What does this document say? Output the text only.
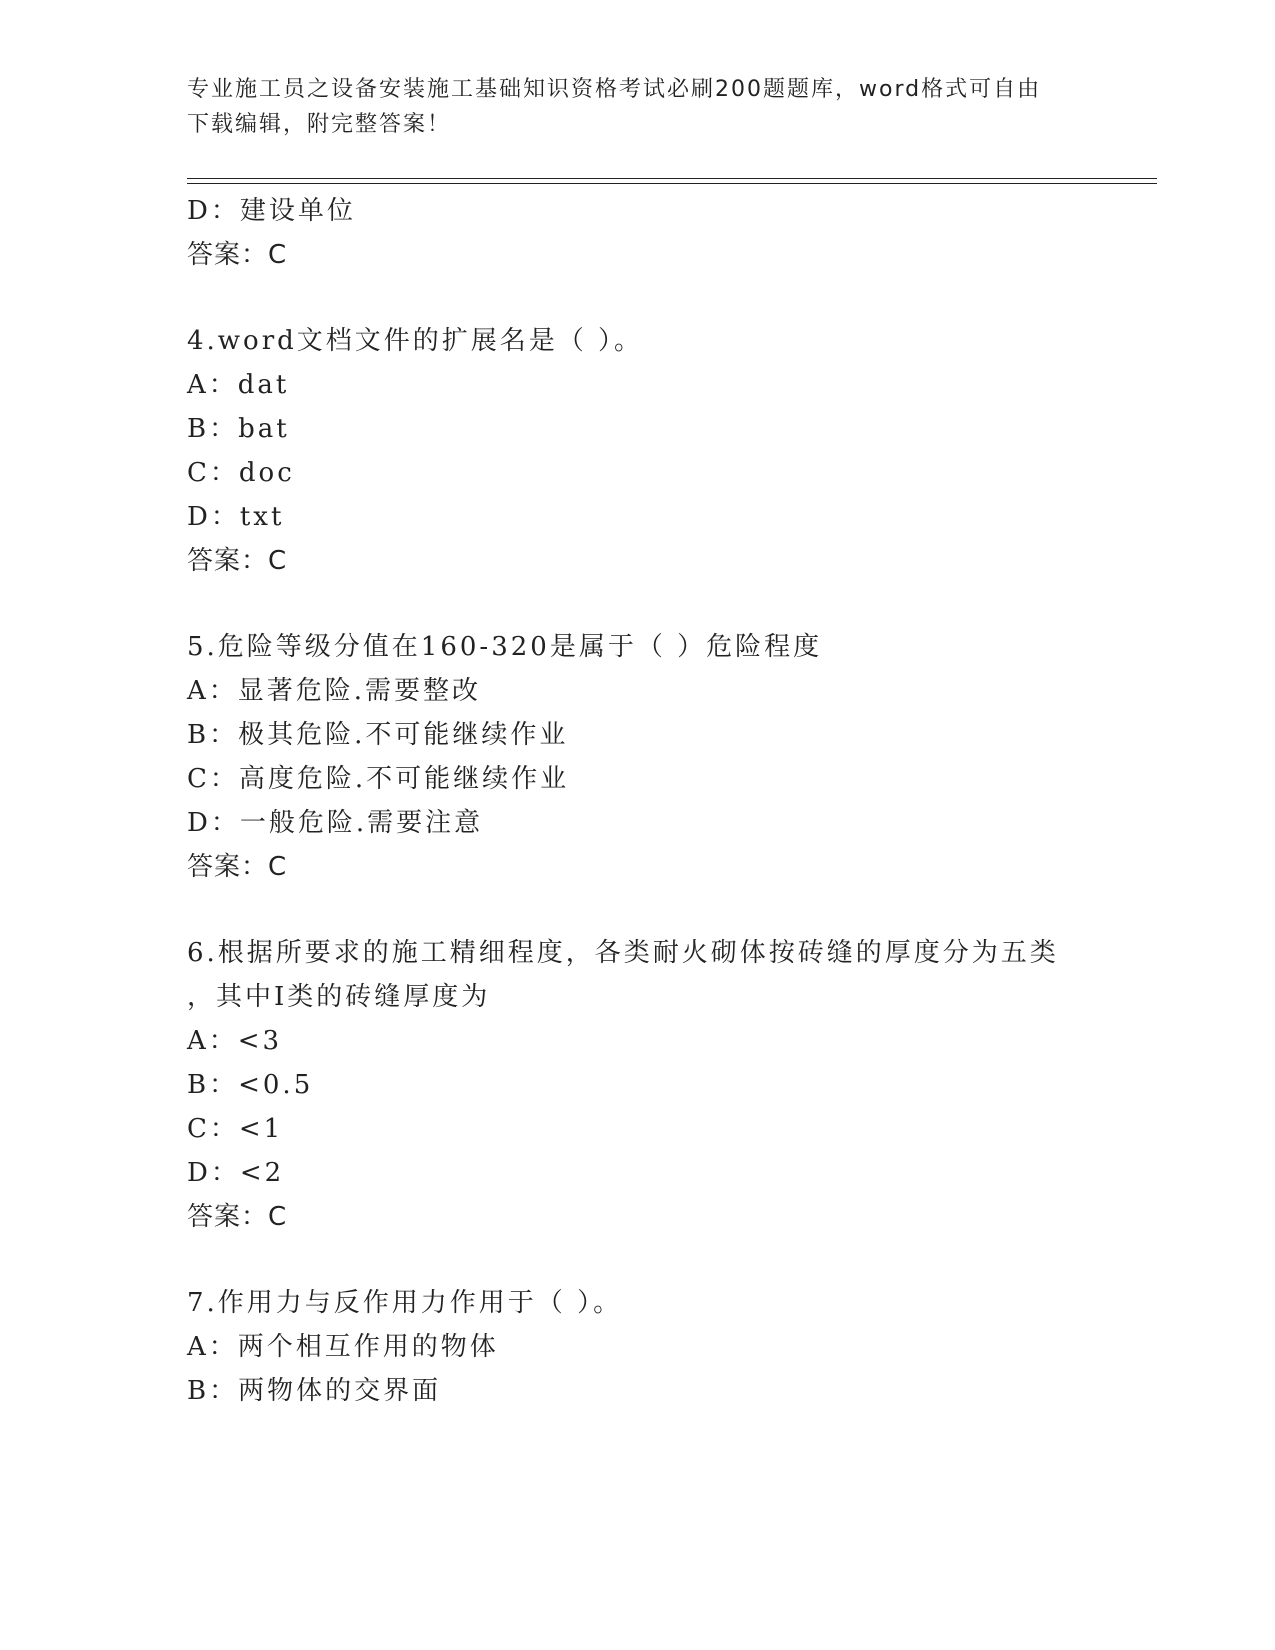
专业施工员之设备安装施工基础知识资格考试必刷200题题库，word格式可自由
下载编辑，附完整答案！
D：建设单位
答案：C
4.word文档文件的扩展名是（ ）。
A：dat
B：bat
C：doc
D：txt
答案：C
5.危险等级分值在160-320是属于（ ）危险程度
A：显著危险.需要整改
B：极其危险.不可能继续作业
C：高度危险.不可能继续作业
D：一般危险.需要注意
答案：C
6.根据所要求的施工精细程度，各类耐火砌体按砖缝的厚度分为五类
，其中I类的砖缝厚度为
A：<3
B：<0.5
C：<1
D：<2
答案：C
7.作用力与反作用力作用于（ ）。
A：两个相互作用的物体
B：两物体的交界面
